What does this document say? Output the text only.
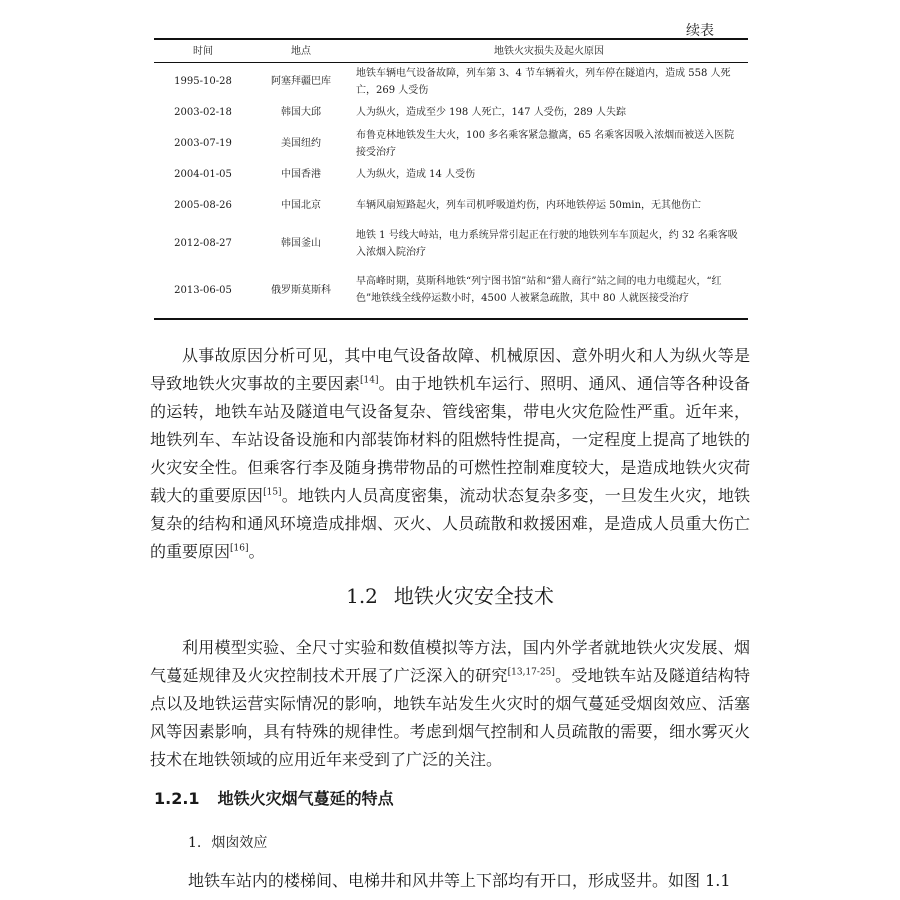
续表
时间	地点	地铁火灾损失及起火原因
1995-10-28	阿塞拜疆巴库	地铁车辆电气设备故障，列车第 3、4 节车辆着火，列车停在隧道内，造成 558 人死亡，269 人受伤
2003-02-18	韩国大邱	人为纵火，造成至少 198 人死亡，147 人受伤，289 人失踪
2003-07-19	美国纽约	布鲁克林地铁发生大火，100 多名乘客紧急撤离，65 名乘客因吸入浓烟而被送入医院接受治疗
2004-01-05	中国香港	人为纵火，造成 14 人受伤
2005-08-26	中国北京	车辆风扇短路起火，列车司机呼吸道灼伤，内环地铁停运 50min，无其他伤亡
2012-08-27	韩国釜山	地铁 1 号线大峙站，电力系统异常引起正在行驶的地铁列车车顶起火，约 32 名乘客吸入浓烟入院治疗
2013-06-05	俄罗斯莫斯科	早高峰时期，莫斯科地铁“列宁图书馆”站和“猎人商行”站之间的电力电缆起火，“红色”地铁线全线停运数小时，4500 人被紧急疏散，其中 80 人就医接受治疗

从事故原因分析可见，其中电气设备故障、机械原因、意外明火和人为纵火等是导致地铁火灾事故的主要因素[14]。由于地铁机车运行、照明、通风、通信等各种设备的运转，地铁车站及隧道电气设备复杂、管线密集，带电火灾危险性严重。近年来，地铁列车、车站设备设施和内部装饰材料的阻燃特性提高，一定程度上提高了地铁的火灾安全性。但乘客行李及随身携带物品的可燃性控制难度较大，是造成地铁火灾荷载大的重要原因[15]。地铁内人员高度密集，流动状态复杂多变，一旦发生火灾，地铁复杂的结构和通风环境造成排烟、灭火、人员疏散和救援困难，是造成人员重大伤亡的重要原因[16]。

1.2 地铁火灾安全技术

利用模型实验、全尺寸实验和数值模拟等方法，国内外学者就地铁火灾发展、烟气蔓延规律及火灾控制技术开展了广泛深入的研究[13,17-25]。受地铁车站及隧道结构特点以及地铁运营实际情况的影响，地铁车站发生火灾时的烟气蔓延受烟囱效应、活塞风等因素影响，具有特殊的规律性。考虑到烟气控制和人员疏散的需要，细水雾灭火技术在地铁领域的应用近年来受到了广泛的关注。

1.2.1 地铁火灾烟气蔓延的特点
1. 烟囱效应
地铁车站内的楼梯间、电梯井和风井等上下部均有开口，形成竖井。如图 1.1
